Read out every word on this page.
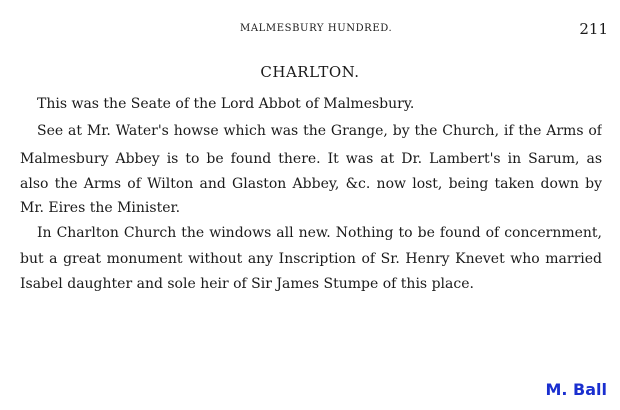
MALMESBURY HUNDRED.	211
CHARLTON.
This was the Seate of the Lord Abbot of Malmesbury.
See at Mr. Water's howse which was the Grange, by the Church, if the Arms of
Malmesbury Abbey is to be found there. It was at Dr. Lambert's in Sarum, as
also the Arms of Wilton and Glaston Abbey, &c. now lost, being taken down by
Mr. Eires the Minister.
In Charlton Church the windows all new. Nothing to be found of concernment,
but a great monument without any Inscription of Sr. Henry Knevet who married
Isabel daughter and sole heir of Sir James Stumpe of this place.
M. Ball
